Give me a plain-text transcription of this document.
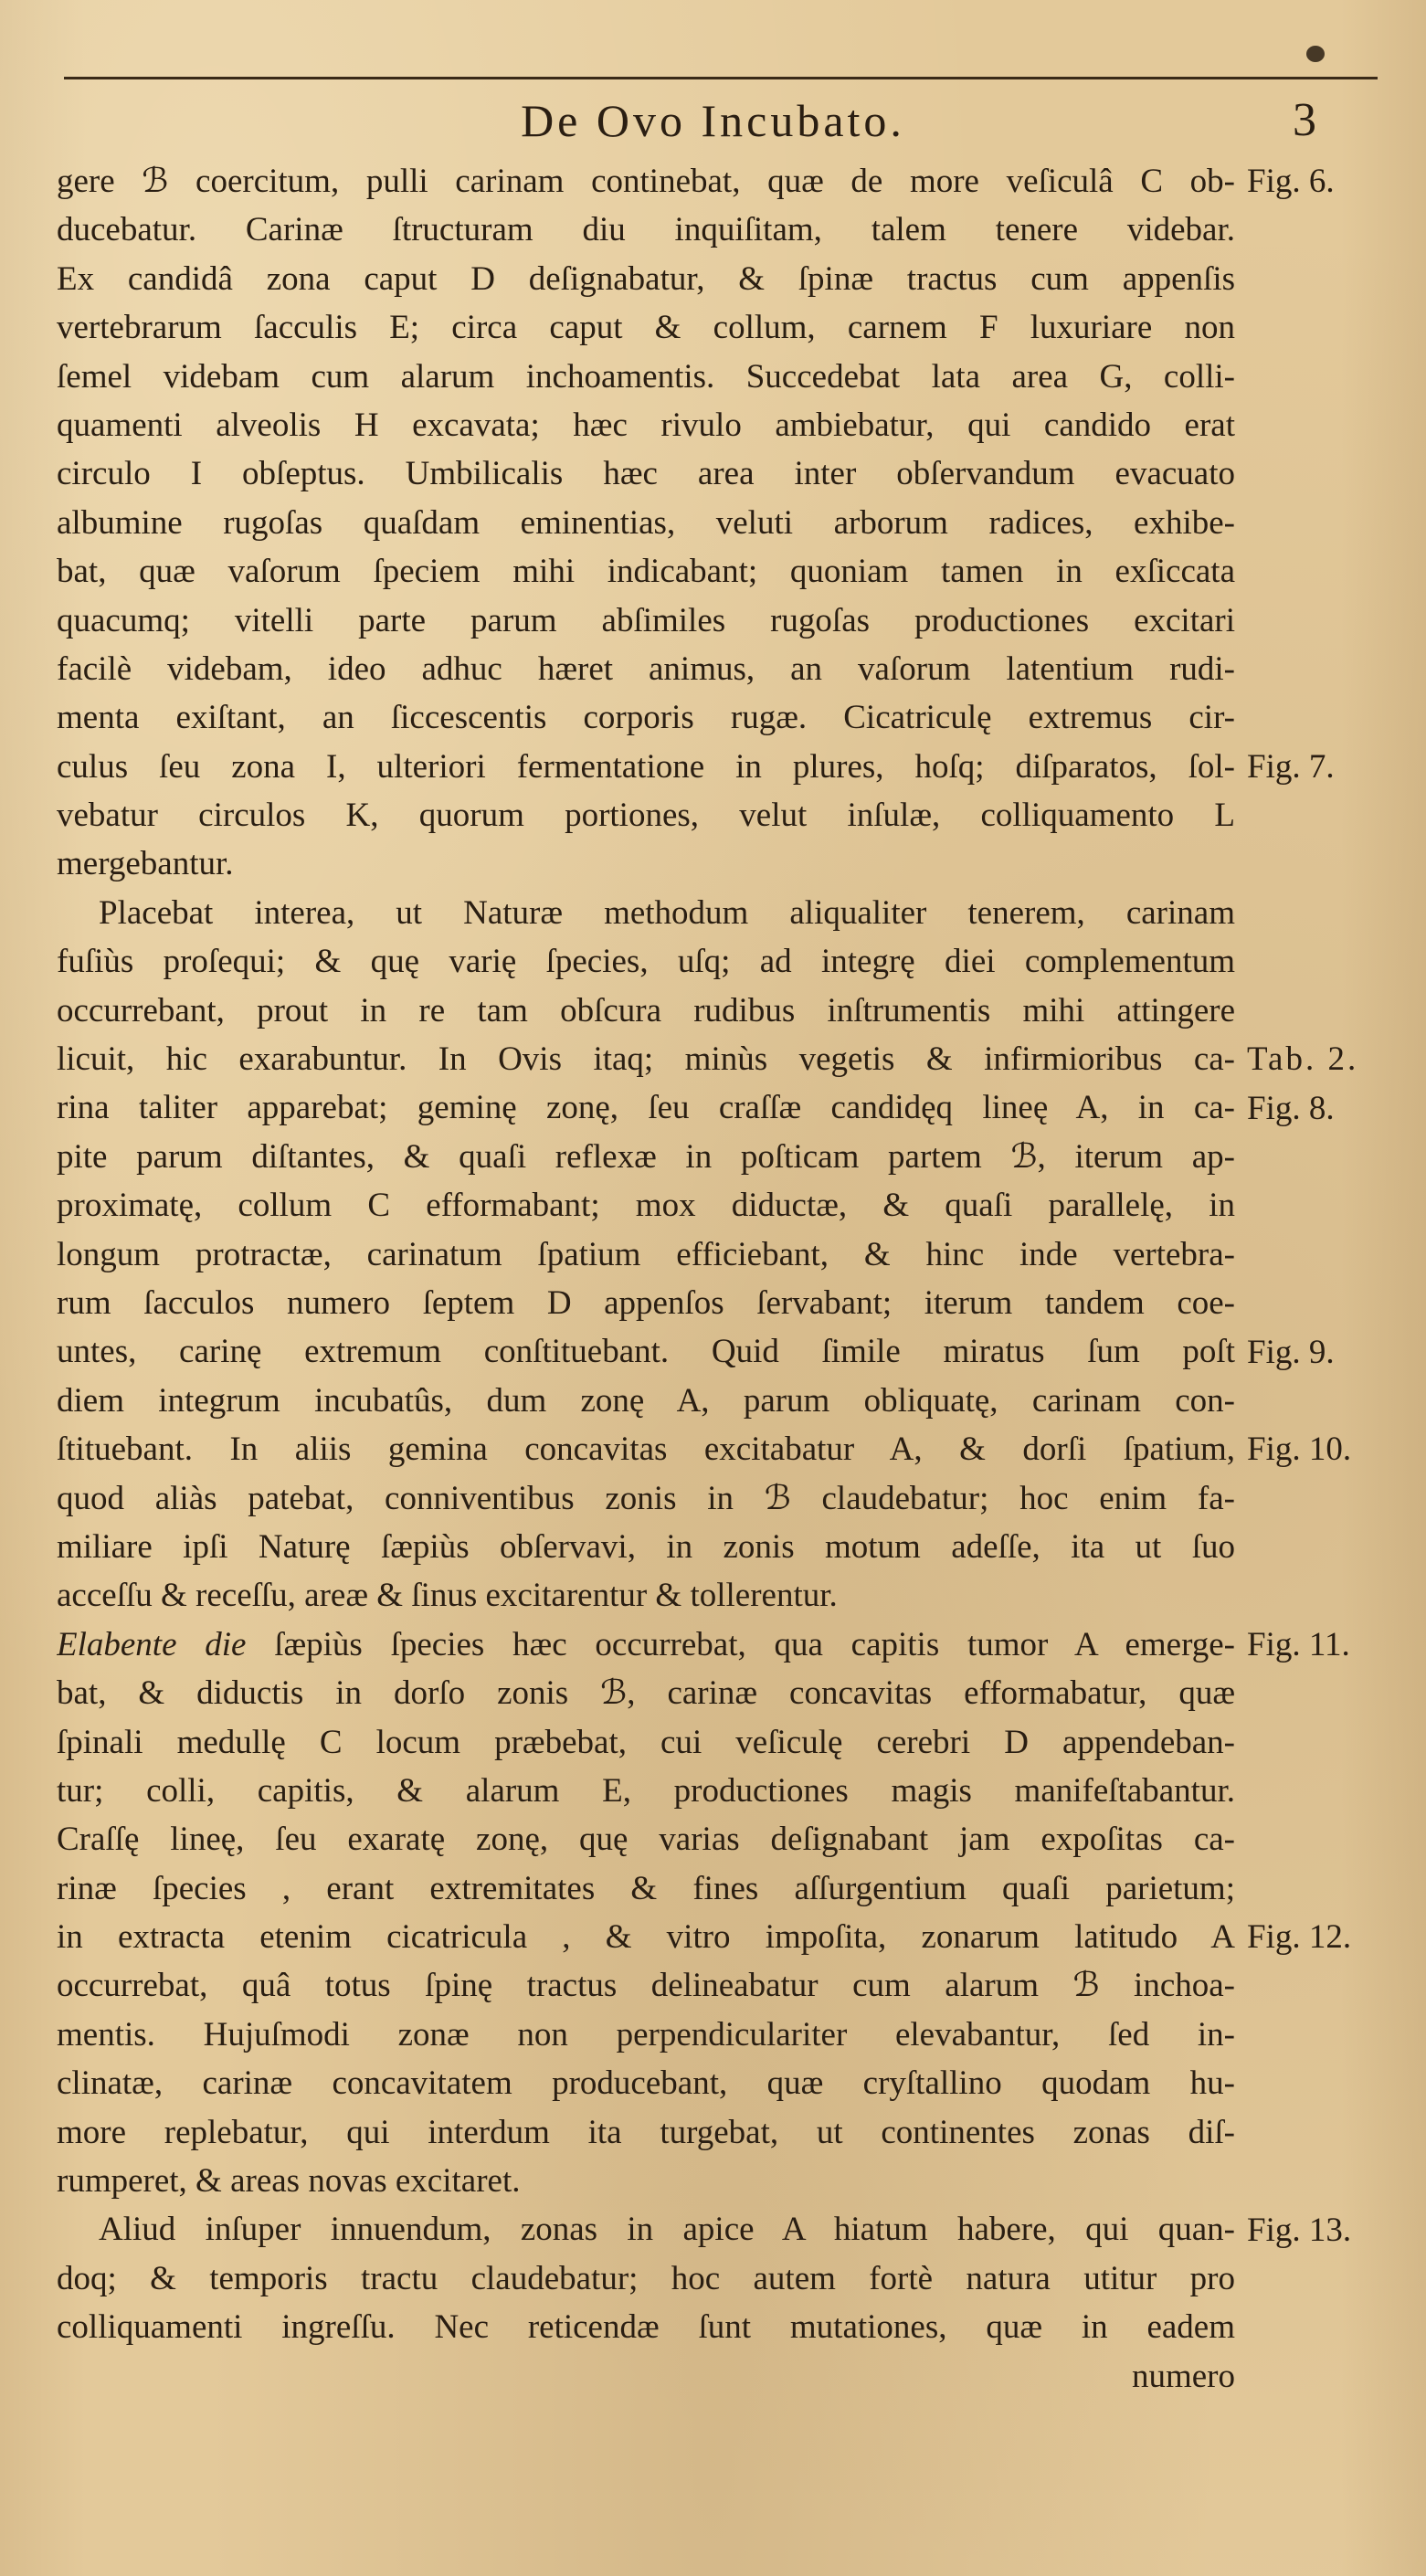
De Ovo Incubato.	3
gere ℬ coercitum, pulli carinam continebat, quæ de more veſiculâ C ob-
ducebatur. Carinæ ſtructuram diu inquiſitam, talem tenere videbar.
Ex candidâ zona caput D deſignabatur, & ſpinæ tractus cum appenſis
vertebrarum ſacculis E; circa caput & collum, carnem F luxuriare non
ſemel videbam cum alarum inchoamentis. Succedebat lata area G, colli-
quamenti alveolis H excavata; hæc rivulo ambiebatur, qui candido erat
circulo I obſeptus. Umbilicalis hæc area inter obſervandum evacuato
albumine rugoſas quaſdam eminentias, veluti arborum radices, exhibe-
bat, quæ vaſorum ſpeciem mihi indicabant; quoniam tamen in exſiccata
quacumq; vitelli parte parum abſimiles rugoſas productiones excitari
facilè videbam, ideo adhuc hæret animus, an vaſorum latentium rudi-
menta exiſtant, an ſiccescentis corporis rugæ. Cicatriculę extremus cir-
culus ſeu zona I, ulteriori fermentatione in plures, hoſq; diſparatos, ſol-
vebatur circulos K, quorum portiones, velut inſulæ, colliquamento L
mergebantur.
Placebat interea, ut Naturæ methodum aliqualiter tenerem, carinam
fuſiùs proſequi; & quę varię ſpecies, uſq; ad integrę diei complementum
occurrebant, prout in re tam obſcura rudibus inſtrumentis mihi attingere
licuit, hic exarabuntur. In Ovis itaq; minùs vegetis & infirmioribus ca-
rina taliter apparebat; geminę zonę, ſeu craſſæ candidęq lineę A, in ca-
pite parum diſtantes, & quaſi reflexæ in poſticam partem ℬ, iterum ap-
proximatę, collum C efformabant; mox diductæ, & quaſi parallelę, in
longum protractæ, carinatum ſpatium efficiebant, & hinc inde vertebra-
rum ſacculos numero ſeptem D appenſos ſervabant; iterum tandem coe-
untes, carinę extremum conſtituebant. Quid ſimile miratus ſum poſt
diem integrum incubatûs, dum zonę A, parum obliquatę, carinam con-
ſtituebant. In aliis gemina concavitas excitabatur A, & dorſi ſpatium,
quod aliàs patebat, conniventibus zonis in ℬ claudebatur; hoc enim fa-
miliare ipſi Naturę ſæpiùs obſervavi, in zonis motum adeſſe, ita ut ſuo
acceſſu & receſſu, areæ & ſinus excitarentur & tollerentur.
Elabente die ſæpiùs ſpecies hæc occurrebat, qua capitis tumor A emerge-
bat, & diductis in dorſo zonis ℬ, carinæ concavitas efformabatur, quæ
ſpinali medullę C locum præbebat, cui veſiculę cerebri D appendeban-
tur; colli, capitis, & alarum E, productiones magis manifeſtabantur.
Craſſę lineę, ſeu exaratę zonę, quę varias deſignabant jam expoſitas ca-
rinæ ſpecies , erant extremitates & fines aſſurgentium quaſi parietum;
in extracta etenim cicatricula , & vitro impoſita, zonarum latitudo A
occurrebat, quâ totus ſpinę tractus delineabatur cum alarum ℬ inchoa-
mentis. Hujuſmodi zonæ non perpendiculariter elevabantur, ſed in-
clinatæ, carinæ concavitatem producebant, quæ cryſtallino quodam hu-
more replebatur, qui interdum ita turgebat, ut continentes zonas diſ-
rumperet, & areas novas excitaret.
Aliud inſuper innuendum, zonas in apice A hiatum habere, qui quan-
doq; & temporis tractu claudebatur; hoc autem fortè natura utitur pro
colliquamenti ingreſſu. Nec reticendæ ſunt mutationes, quæ in eadem
numero
Fig. 6.
Fig. 7.
Tab. 2.
Fig. 8.
Fig. 9.
Fig. 10.
Fig. 11.
Fig. 12.
Fig. 13.
